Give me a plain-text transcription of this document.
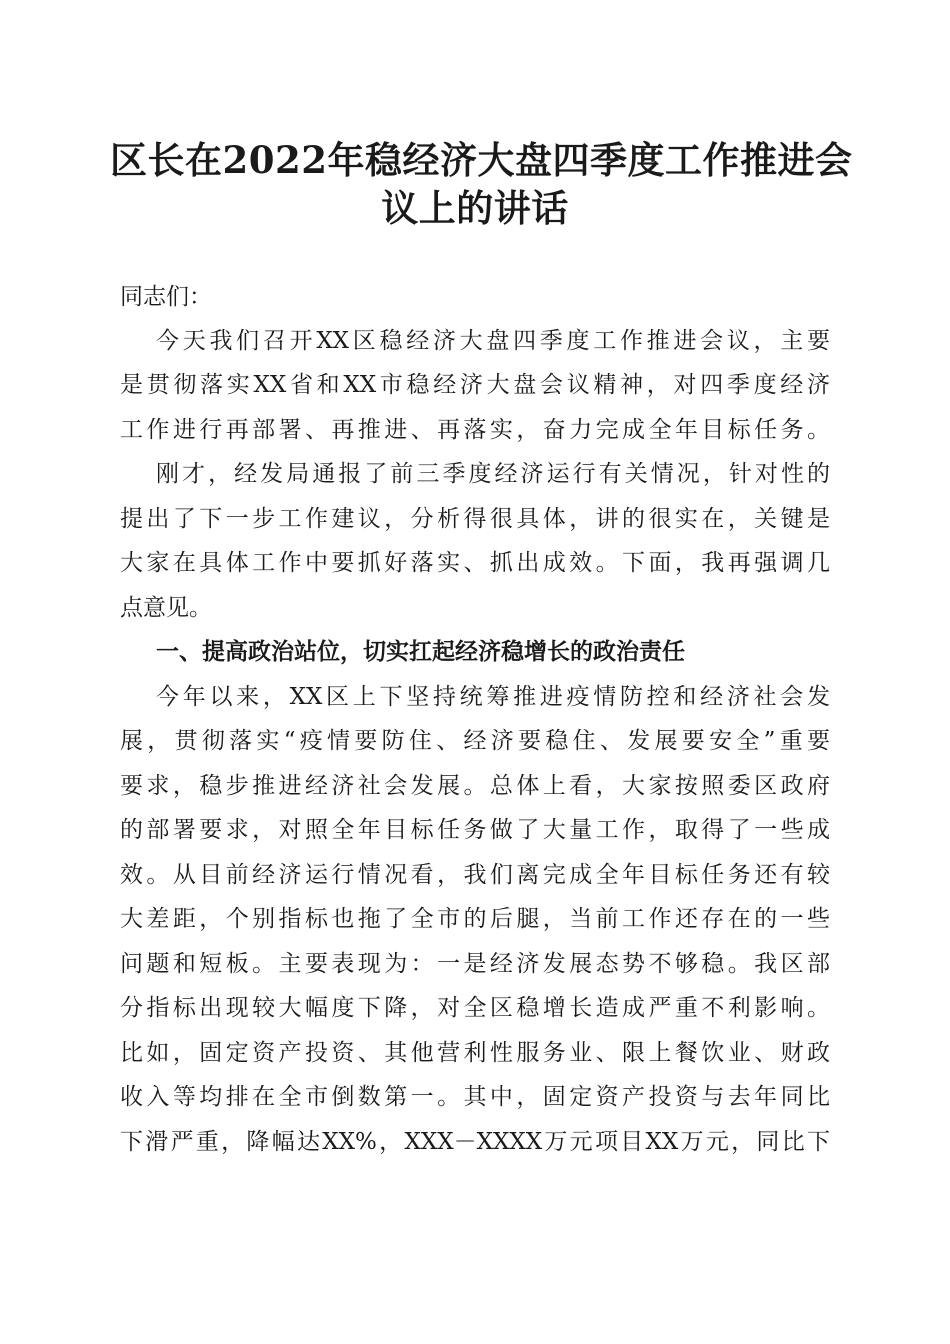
区长在2022年稳经济大盘四季度工作推进会
议上的讲话

同志们：

今天我们召开XX区稳经济大盘四季度工作推进会议，主要

是贯彻落实XX省和XX市稳经济大盘会议精神，对四季度经济

工作进行再部署、再推进、再落实，奋力完成全年目标任务。

刚才，经发局通报了前三季度经济运行有关情况，针对性的

提出了下一步工作建议，分析得很具体，讲的很实在，关键是

大家在具体工作中要抓好落实、抓出成效。下面，我再强调几

点意见。

一、提高政治站位，切实扛起经济稳增长的政治责任

今年以来，XX区上下坚持统筹推进疫情防控和经济社会发

展，贯彻落实“疫情要防住、经济要稳住、发展要安全”重要

要求，稳步推进经济社会发展。总体上看，大家按照委区政府

的部署要求，对照全年目标任务做了大量工作，取得了一些成

效。从目前经济运行情况看，我们离完成全年目标任务还有较

大差距，个别指标也拖了全市的后腿，当前工作还存在的一些

问题和短板。主要表现为：一是经济发展态势不够稳。我区部

分指标出现较大幅度下降，对全区稳增长造成严重不利影响。

比如，固定资产投资、其他营利性服务业、限上餐饮业、财政

收入等均排在全市倒数第一。其中，固定资产投资与去年同比

下滑严重，降幅达XX%，XXX－XXXX万元项目XX万元，同比下
